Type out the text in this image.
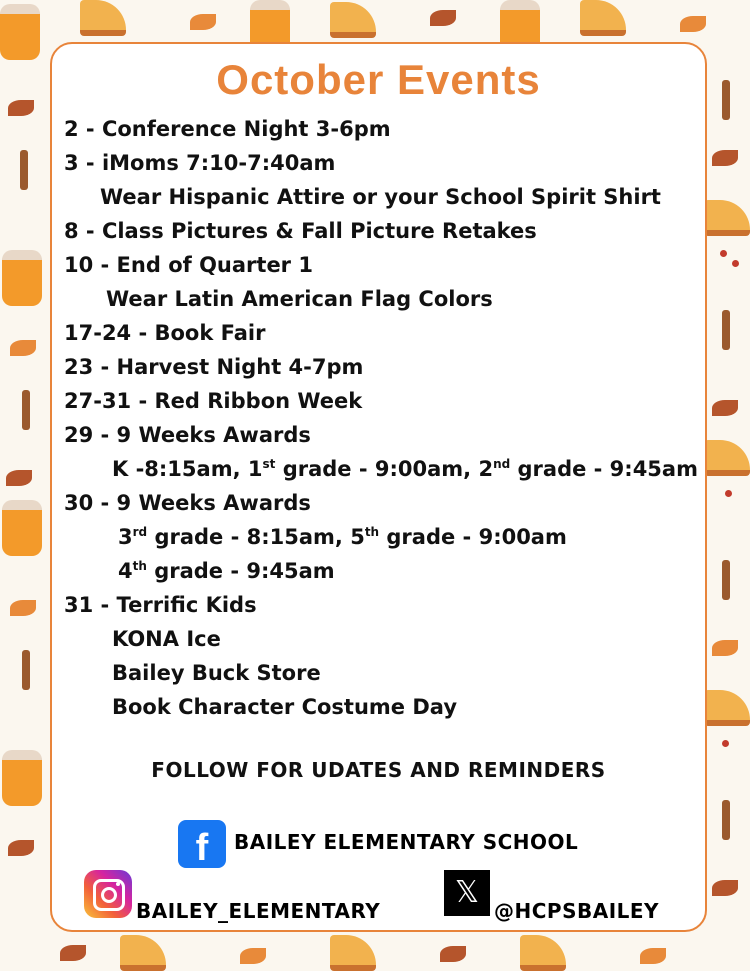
October Events
2 - Conference Night 3-6pm
3 - iMoms 7:10-7:40am
Wear Hispanic Attire or your School Spirit Shirt
8 - Class Pictures & Fall Picture Retakes
10 - End of Quarter 1
Wear Latin American Flag Colors
17-24 - Book Fair
23 - Harvest Night 4-7pm
27-31 - Red Ribbon Week
29 - 9 Weeks Awards
K -8:15am, 1st grade - 9:00am, 2nd grade - 9:45am
30 - 9 Weeks Awards
3rd grade - 8:15am, 5th grade - 9:00am
4th grade - 9:45am
31 - Terrific Kids
KONA Ice
Bailey Buck Store
Book Character Costume Day
FOLLOW FOR UDATES AND REMINDERS
f	BAILEY ELEMENTARY SCHOOL
BAILEY_ELEMENTARY
𝕏
@HCPSBAILEY
